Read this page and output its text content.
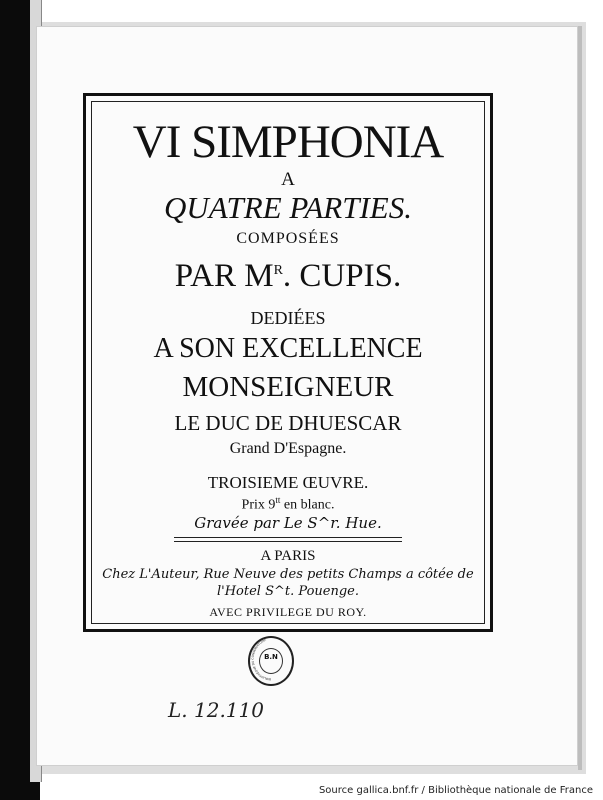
VI SIMPHONIA
A
QUATRE PARTIES.
COMPOSÉES
PAR $M^R$. CUPIS.
DEDIÉES
A SON EXCELLENCE
MONSEIGNEUR
LE DUC DE DHUESCAR
Grand D'Espagne.
TROISIEME ŒUVRE.
Prix $9^{tt}$ en blanc.
Gravée par Le S^r. Hue.
A PARIS
Chez L'Auteur, Rue Neuve des petits Champs a côtée de
l'Hotel S^t. Pouenge.
AVEC PRIVILEGE DU ROY.
BIBLIOTHÈQUE DU CONSERVATOIRE
B.N
L. 12.110
Source gallica.bnf.fr / Bibliothèque nationale de France
